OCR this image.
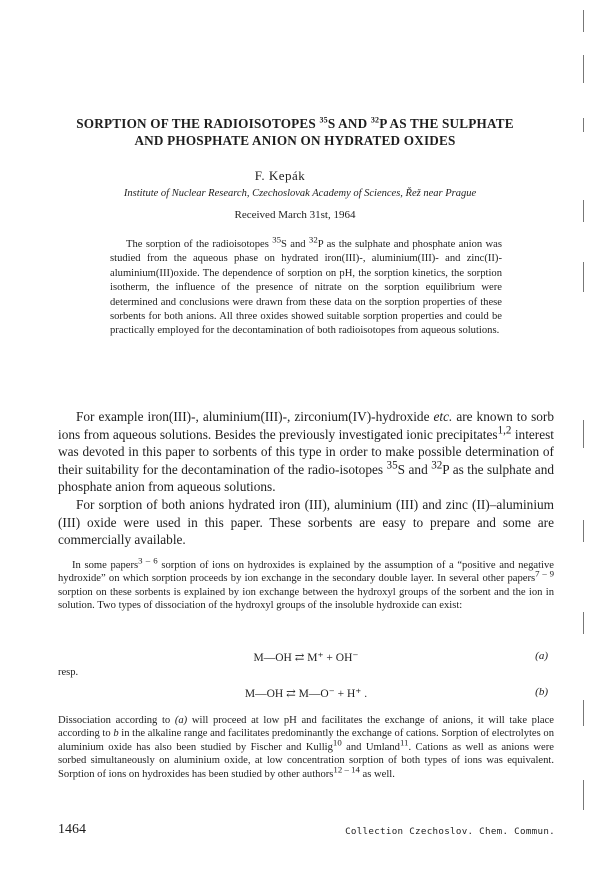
SORPTION OF THE RADIOISOTOPES $^{35}$S AND $^{32}$P AS THE SULPHATE
AND PHOSPHATE ANION ON HYDRATED OXIDES
F. Kepák
Institute of Nuclear Research, Czechoslovak Academy of Sciences, Řež near Prague
Received March 31st, 1964

The sorption of the radioisotopes $^{35}$S and $^{32}$P as the sulphate and phosphate anion was studied from the aqueous phase on hydrated iron(III)-, aluminium(III)- and zinc(II)-aluminium(III)oxide. The dependence of sorption on pH, the sorption kinetics, the sorption isotherm, the influence of the presence of nitrate on the sorption equilibrium were determined and conclusions were drawn from these data on the sorption properties of these sorbents for both anions. All three oxides showed suitable sorption properties and could be practically employed for the decontamination of both radioisotopes from aqueous solutions.

For example iron(III)-, aluminium(III)-, zirconium(IV)-hydroxide etc. are known to sorb ions from aqueous solutions. Besides the previously investigated ionic precipitates$^{1,2}$ interest was devoted in this paper to sorbents of this type in order to make possible determination of their suitability for the decontamination of the radio-isotopes $^{35}$S and $^{32}$P as the sulphate and phosphate anion from aqueous solutions.

For sorption of both anions hydrated iron (III), aluminium (III) and zinc (II)–aluminium (III) oxide were used in this paper. These sorbents are easy to prepare and some are commercially available.

In some papers$^{3 - 6}$ sorption of ions on hydroxides is explained by the assumption of a “positive and negative hydroxide” on which sorption proceeds by ion exchange in the secondary double layer. In several other papers$^{7 - 9}$ sorption on these sorbents is explained by ion exchange between the hydroxyl groups of the sorbent and the ion in solution. Two types of dissociation of the hydroxyl groups of the insoluble hydroxide can exist:

M—OH ⇄ M⁺ + OH⁻	(a)
resp.
M—OH ⇄ M—O⁻ + H⁺ .	(b)

Dissociation according to (a) will proceed at low pH and facilitates the exchange of anions, it will take place according to b in the alkaline range and facilitates predominantly the exchange of cations. Sorption of electrolytes on aluminium oxide has also been studied by Fischer and Kullig$^{10}$ and Umland$^{11}$. Cations as well as anions were sorbed simultaneously on aluminium oxide, at low concentration sorption of both types of ions was equivalent. Sorption of ions on hydroxides has been studied by other authors$^{12 - 14}$ as well.

1464	Collection Czechoslov. Chem. Commun.
